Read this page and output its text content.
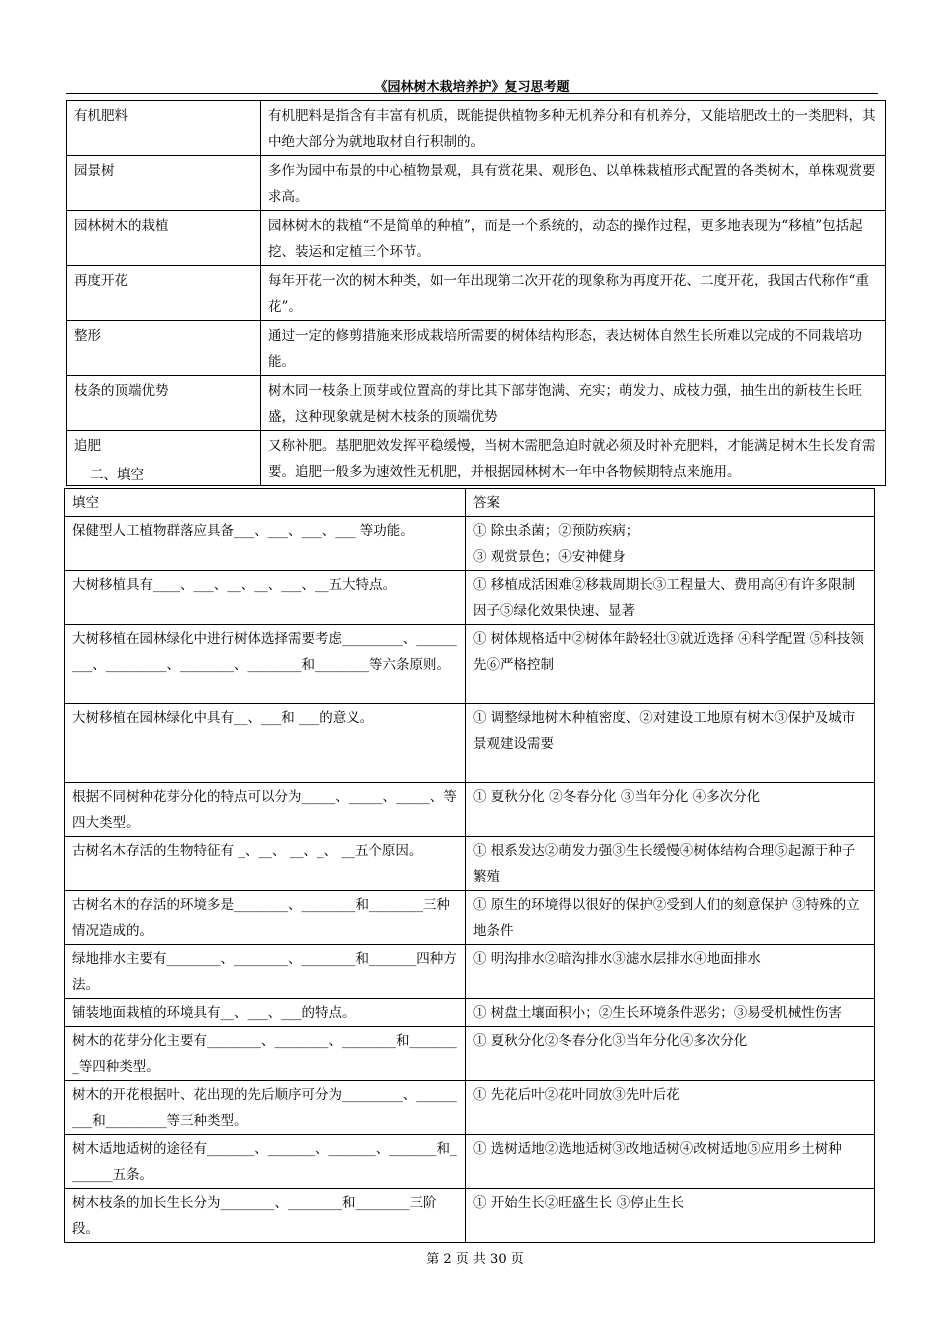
《园林树木栽培养护》复习思考题
有机肥料	有机肥料是指含有丰富有机质，既能提供植物多种无机养分和有机养分，又能培肥改土的一类肥料，其中绝大部分为就地取材自行积制的。
园景树	多作为园中布景的中心植物景观，具有赏花果、观形色、以单株栽植形式配置的各类树木，单株观赏要求高。
园林树木的栽植	园林树木的栽植“不是简单的种植”，而是一个系统的，动态的操作过程，更多地表现为“移植”包括起挖、装运和定植三个环节。
再度开花	每年开花一次的树木种类，如一年出现第二次开花的现象称为再度开花、二度开花，我国古代称作“重花”。
整形	通过一定的修剪措施来形成栽培所需要的树体结构形态，表达树体自然生长所难以完成的不同栽培功能。
枝条的顶端优势	树木同一枝条上顶芽或位置高的芽比其下部芽饱满、充实；萌发力、成枝力强，抽生出的新枝生长旺盛，这种现象就是树木枝条的顶端优势
追肥	又称补肥。基肥肥效发挥平稳缓慢，当树木需肥急迫时就必须及时补充肥料，才能满足树木生长发育需要。追肥一般多为速效性无机肥，并根据园林树木一年中各物候期特点来施用。
二、填空
填空	答案
保健型人工植物群落应具备___、___、___、___ 等功能。	① 除虫杀菌；②预防疾病；
③ 观赏景色；④安神健身
大树移植具有____、___、__、__、___、__五大特点。	① 移植成活困难②移栽周期长③工程量大、费用高④有许多限制因子⑤绿化效果快速、显著
大树移植在园林绿化中进行树体选择需要考虑_________、_________、_________、________、________和________等六条原则。	① 树体规格适中②树体年龄轻壮③就近选择 ④科学配置 ⑤科技领先⑥严格控制
大树移植在园林绿化中具有__、___和 ___的意义。	① 调整绿地树木种植密度、②对建设工地原有树木③保护及城市景观建设需要
根据不同树种花芽分化的特点可以分为_____、_____、_____、等四大类型。	① 夏秋分化 ②冬春分化 ③当年分化 ④多次分化
古树名木存活的生物特征有 _、__、 __、_、 __五个原因。	① 根系发达②萌发力强③生长缓慢④树体结构合理⑤起源于种子繁殖
古树名木的存活的环境多是________、________和________三种情况造成的。	① 原生的环境得以很好的保护②受到人们的刻意保护 ③特殊的立地条件
绿地排水主要有________、________、________和_______四种方法。	① 明沟排水②暗沟排水③滤水层排水④地面排水
铺装地面栽植的环境具有__、___、___的特点。	① 树盘土壤面积小；②生长环境条件恶劣；③易受机械性伤害
树木的花芽分化主要有________、________、________和________等四种类型。	① 夏秋分化②冬春分化③当年分化④多次分化
树木的开花根据叶、花出现的先后顺序可分为_________、_________和_________等三种类型。	① 先花后叶②花叶同放③先叶后花
树木适地适树的途径有_______、_______、_______、_______和_______五条。	① 选树适地②选地适树③改地适树④改树适地⑤应用乡土树种
树木枝条的加长生长分为________、________和________三阶段。	① 开始生长②旺盛生长 ③停止生长
第 2 页 共 30 页
